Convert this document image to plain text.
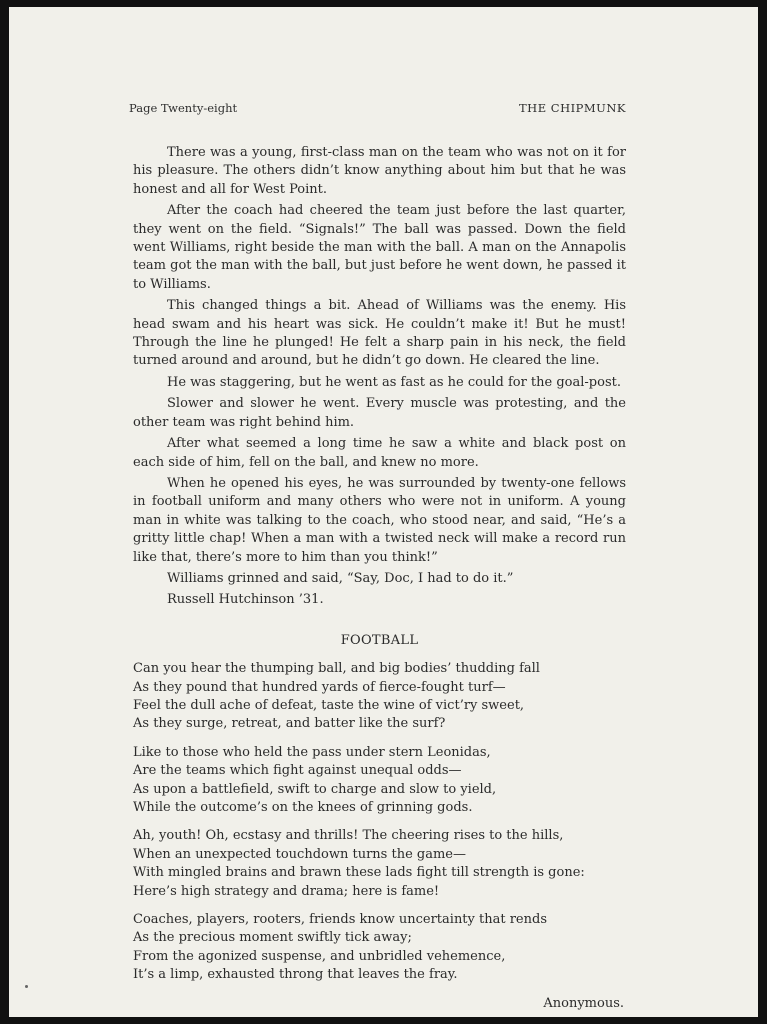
Page Twenty-eight	THE CHIPMUNK

There was a young, first-class man on the team who was not on it for his pleasure. The others didn’t know anything about him but that he was honest and all for West Point.

After the coach had cheered the team just before the last quarter, they went on the field. “Signals!” The ball was passed. Down the field went Williams, right beside the man with the ball. A man on the Annapolis team got the man with the ball, but just before he went down, he passed it to Williams.

This changed things a bit. Ahead of Williams was the enemy. His head swam and his heart was sick. He couldn’t make it! But he must! Through the line he plunged! He felt a sharp pain in his neck, the field turned around and around, but he didn’t go down. He cleared the line.

He was staggering, but he went as fast as he could for the goal-post.

Slower and slower he went. Every muscle was protesting, and the other team was right behind him.

After what seemed a long time he saw a white and black post on each side of him, fell on the ball, and knew no more.

When he opened his eyes, he was surrounded by twenty-one fellows in football uniform and many others who were not in uniform. A young man in white was talking to the coach, who stood near, and said, “He’s a gritty little chap! When a man with a twisted neck will make a record run like that, there’s more to him than you think!”

Williams grinned and said, “Say, Doc, I had to do it.”

Russell Hutchinson ’31.

FOOTBALL
Can you hear the thumping ball, and big bodies’ thudding fall
As they pound that hundred yards of fierce-fought turf—
Feel the dull ache of defeat, taste the wine of vict’ry sweet,
As they surge, retreat, and batter like the surf?
Like to those who held the pass under stern Leonidas,
Are the teams which fight against unequal odds—
As upon a battlefield, swift to charge and slow to yield,
While the outcome’s on the knees of grinning gods.
Ah, youth! Oh, ecstasy and thrills! The cheering rises to the hills,
When an unexpected touchdown turns the game—
With mingled brains and brawn these lads fight till strength is gone:
Here’s high strategy and drama; here is fame!
Coaches, players, rooters, friends know uncertainty that rends
As the precious moment swiftly tick away;
From the agonized suspense, and unbridled vehemence,
It’s a limp, exhausted throng that leaves the fray.
Anonymous.
